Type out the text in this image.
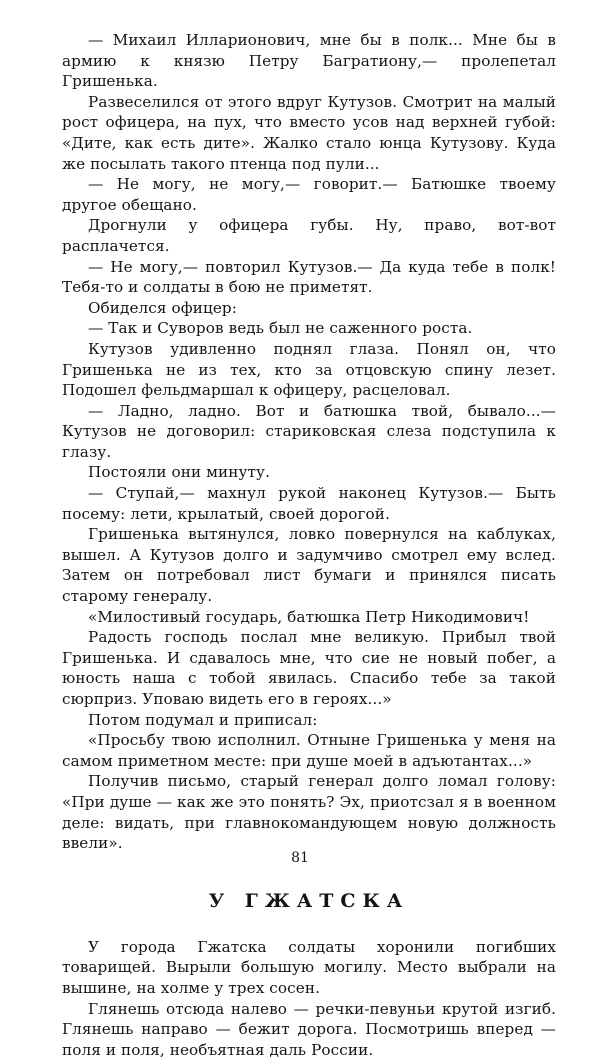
— Михаил Илларионович, мне бы в полк... Мне бы в армию к князю Петру Багратиону,— пролепетал Гришенька.

Развеселился от этого вдруг Кутузов. Смотрит на малый рост офицера, на пух, что вместо усов над верхней губой: «Дите, как есть дите». Жалко стало юнца Кутузову. Куда же посылать такого птенца под пули...

— Не могу, не могу,— говорит.— Батюшке твоему другое обещано.

Дрогнули у офицера губы. Ну, право, вот-вот расплачется.

— Не могу,— повторил Кутузов.— Да куда тебе в полк! Тебя-то и солдаты в бою не приметят.

Обиделся офицер:

— Так и Суворов ведь был не саженного роста.

Кутузов удивленно поднял глаза. Понял он, что Гришенька не из тех, кто за отцовскую спину лезет. Подошел фельдмаршал к офицеру, расцеловал.

— Ладно, ладно. Вот и батюшка твой, бывало...— Кутузов не договорил: стариковская слеза подступила к глазу.

Постояли они минуту.

— Ступай,— махнул рукой наконец Кутузов.— Быть посему: лети, крылатый, своей дорогой.

Гришенька вытянулся, ловко повернулся на каблуках, вышел. А Кутузов долго и задумчиво смотрел ему вслед. Затем он потребовал лист бумаги и принялся писать старому генералу.

«Милостивый государь, батюшка Петр Никодимович!

Радость господь послал мне великую. Прибыл твой Гришенька. И сдавалось мне, что сие не новый побег, а юность наша с тобой явилась. Спасибо тебе за такой сюрприз. Уповаю видеть его в героях...»

Потом подумал и приписал:

«Просьбу твою исполнил. Отныне Гришенька у меня на самом приметном месте: при душе моей в адъютантах...»

Получив письмо, старый генерал долго ломал голову: «При душе — как же это понять? Эх, приотсзал я в военном деле: видать, при главнокомандующем новую должность ввели».

У ГЖАТСКА

У города Гжатска солдаты хоронили погибших товарищей. Вырыли большую могилу. Место выбрали на вышине, на холме у трех сосен.

Глянешь отсюда налево — речки-певуньи крутой изгиб. Глянешь направо — бежит дорога. Посмотришь вперед — поля и поля, необъятная даль России.

81
